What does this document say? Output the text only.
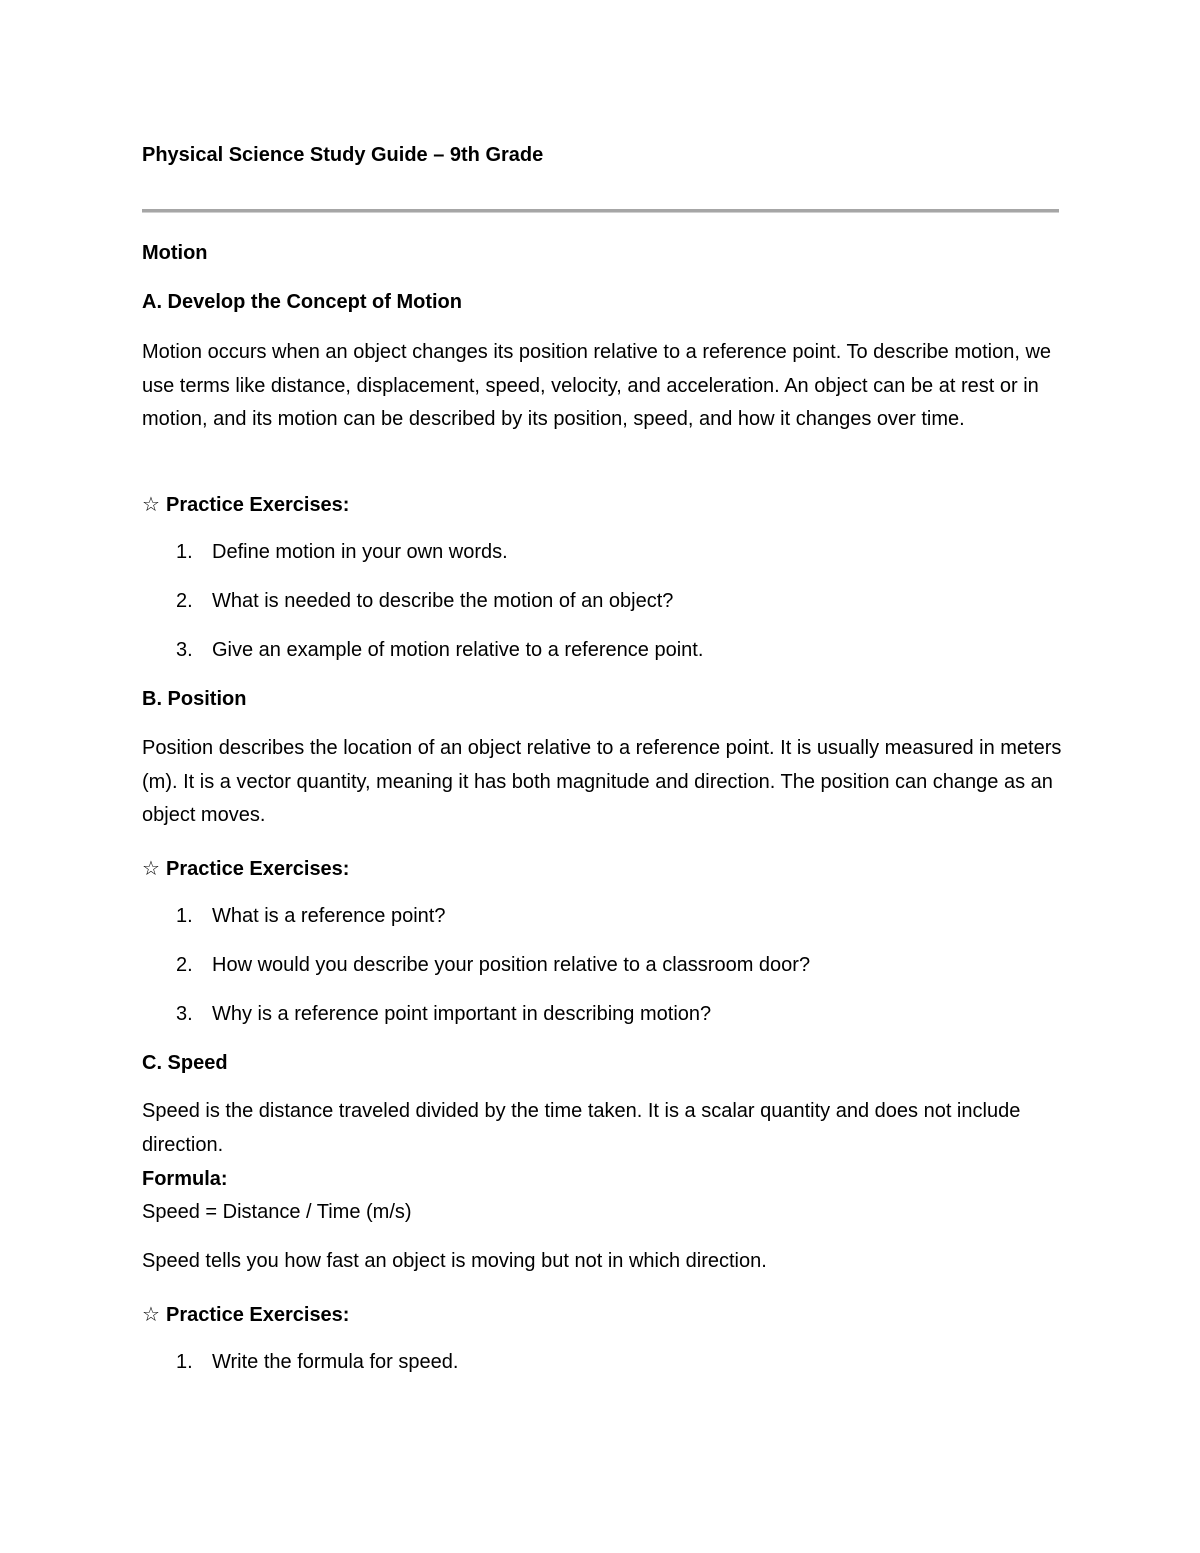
Physical Science Study Guide – 9th Grade

Motion

A. Develop the Concept of Motion

Motion occurs when an object changes its position relative to a reference point. To describe motion, we use terms like distance, displacement, speed, velocity, and acceleration. An object can be at rest or in motion, and its motion can be described by its position, speed, and how it changes over time.

☆ Practice Exercises:

1. Define motion in your own words.
2. What is needed to describe the motion of an object?
3. Give an example of motion relative to a reference point.

B. Position

Position describes the location of an object relative to a reference point. It is usually measured in meters (m). It is a vector quantity, meaning it has both magnitude and direction. The position can change as an object moves.

☆ Practice Exercises:

1. What is a reference point?
2. How would you describe your position relative to a classroom door?
3. Why is a reference point important in describing motion?

C. Speed

Speed is the distance traveled divided by the time taken. It is a scalar quantity and does not include direction.

Formula:

Speed = Distance / Time (m/s)

Speed tells you how fast an object is moving but not in which direction.

☆ Practice Exercises:

1. Write the formula for speed.
